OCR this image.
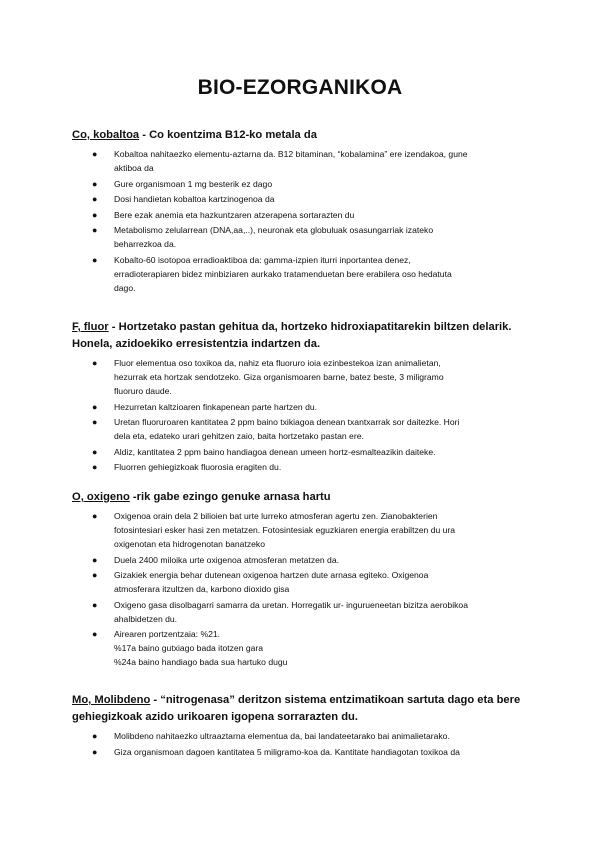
BIO-EZORGANIKOA

Co, kobaltoa - Co koentzima B12-ko metala da

● Kobaltoa nahitaezko elementu-aztarna da. B12 bitaminan, “kobalamina” ere izendakoa, gune
aktiboa da
● Gure organismoan 1 mg besterik ez dago
● Dosi handietan kobaltoa kartzinogenoa da
● Bere ezak anemia eta hazkuntzaren atzerapena sortarazten du
● Metabolismo zelularrean (DNA,aa,..), neuronak eta globuluak osasungarriak izateko
beharrezkoa da.
● Kobalto-60 isotopoa erradioaktiboa da: gamma-izpien iturri inportantea denez,
erradioterapiaren bidez minbiziaren aurkako tratamenduetan bere erabilera oso hedatuta
dago.

F, fluor - Hortzetako pastan gehitua da, hortzeko hidroxiapatitarekin biltzen delarik.
Honela, azidoekiko erresistentzia indartzen da.

● Fluor elementua oso toxikoa da, nahiz eta fluoruro ioia ezinbestekoa izan animalietan,
hezurrak eta hortzak sendotzeko. Giza organismoaren barne, batez beste, 3 miligramo
fluoruro daude.
● Hezurretan kaltzioaren finkapenean parte hartzen du.
● Uretan fluoruroaren kantitatea 2 ppm baino txikiagoa denean txantxarrak sor daitezke. Hori
dela eta, edateko urari gehitzen zaio, baita hortzetako pastan ere.
● Aldiz, kantitatea 2 ppm baino handiagoa denean umeen hortz-esmalteazikin daiteke.
● Fluorren gehiegizkoak fluorosia eragiten du.

O, oxigeno -rik gabe ezingo genuke arnasa hartu

● Oxigenoa orain dela 2 bilioien bat urte lurreko atmosferan agertu zen. Zianobakterien
fotosintesiari esker hasi zen metatzen. Fotosintesiak eguzkiaren energia erabiltzen du ura
oxigenotan eta hidrogenotan banatzeko
● Duela 2400 miloika urte oxigenoa atmosferan metatzen da.
● Gizakiek energia behar dutenean oxigenoa hartzen dute arnasa egiteko. Oxigenoa
atmosferara itzultzen da, karbono dioxido gisa
● Oxigeno gasa disolbagarri samarra da uretan. Horregatik ur- ingurueneetan bizitza aerobikoa
ahalbidetzen du.
● Airearen portzentzaia: %21.
%17a baino gutxiago bada itotzen gara
%24a baino handiago bada sua hartuko dugu

Mo, Molibdeno - “nitrogenasa” deritzon sistema entzimatikoan sartuta dago eta bere
gehiegizkoak azido urikoaren igopena sorrarazten du.

● Molibdeno nahitaezko ultraaztarna elementua da, bai landateetarako bai animalietarako.
● Giza organismoan dagoen kantitatea 5 miligramo-koa da. Kantitate handiagotan toxikoa da
